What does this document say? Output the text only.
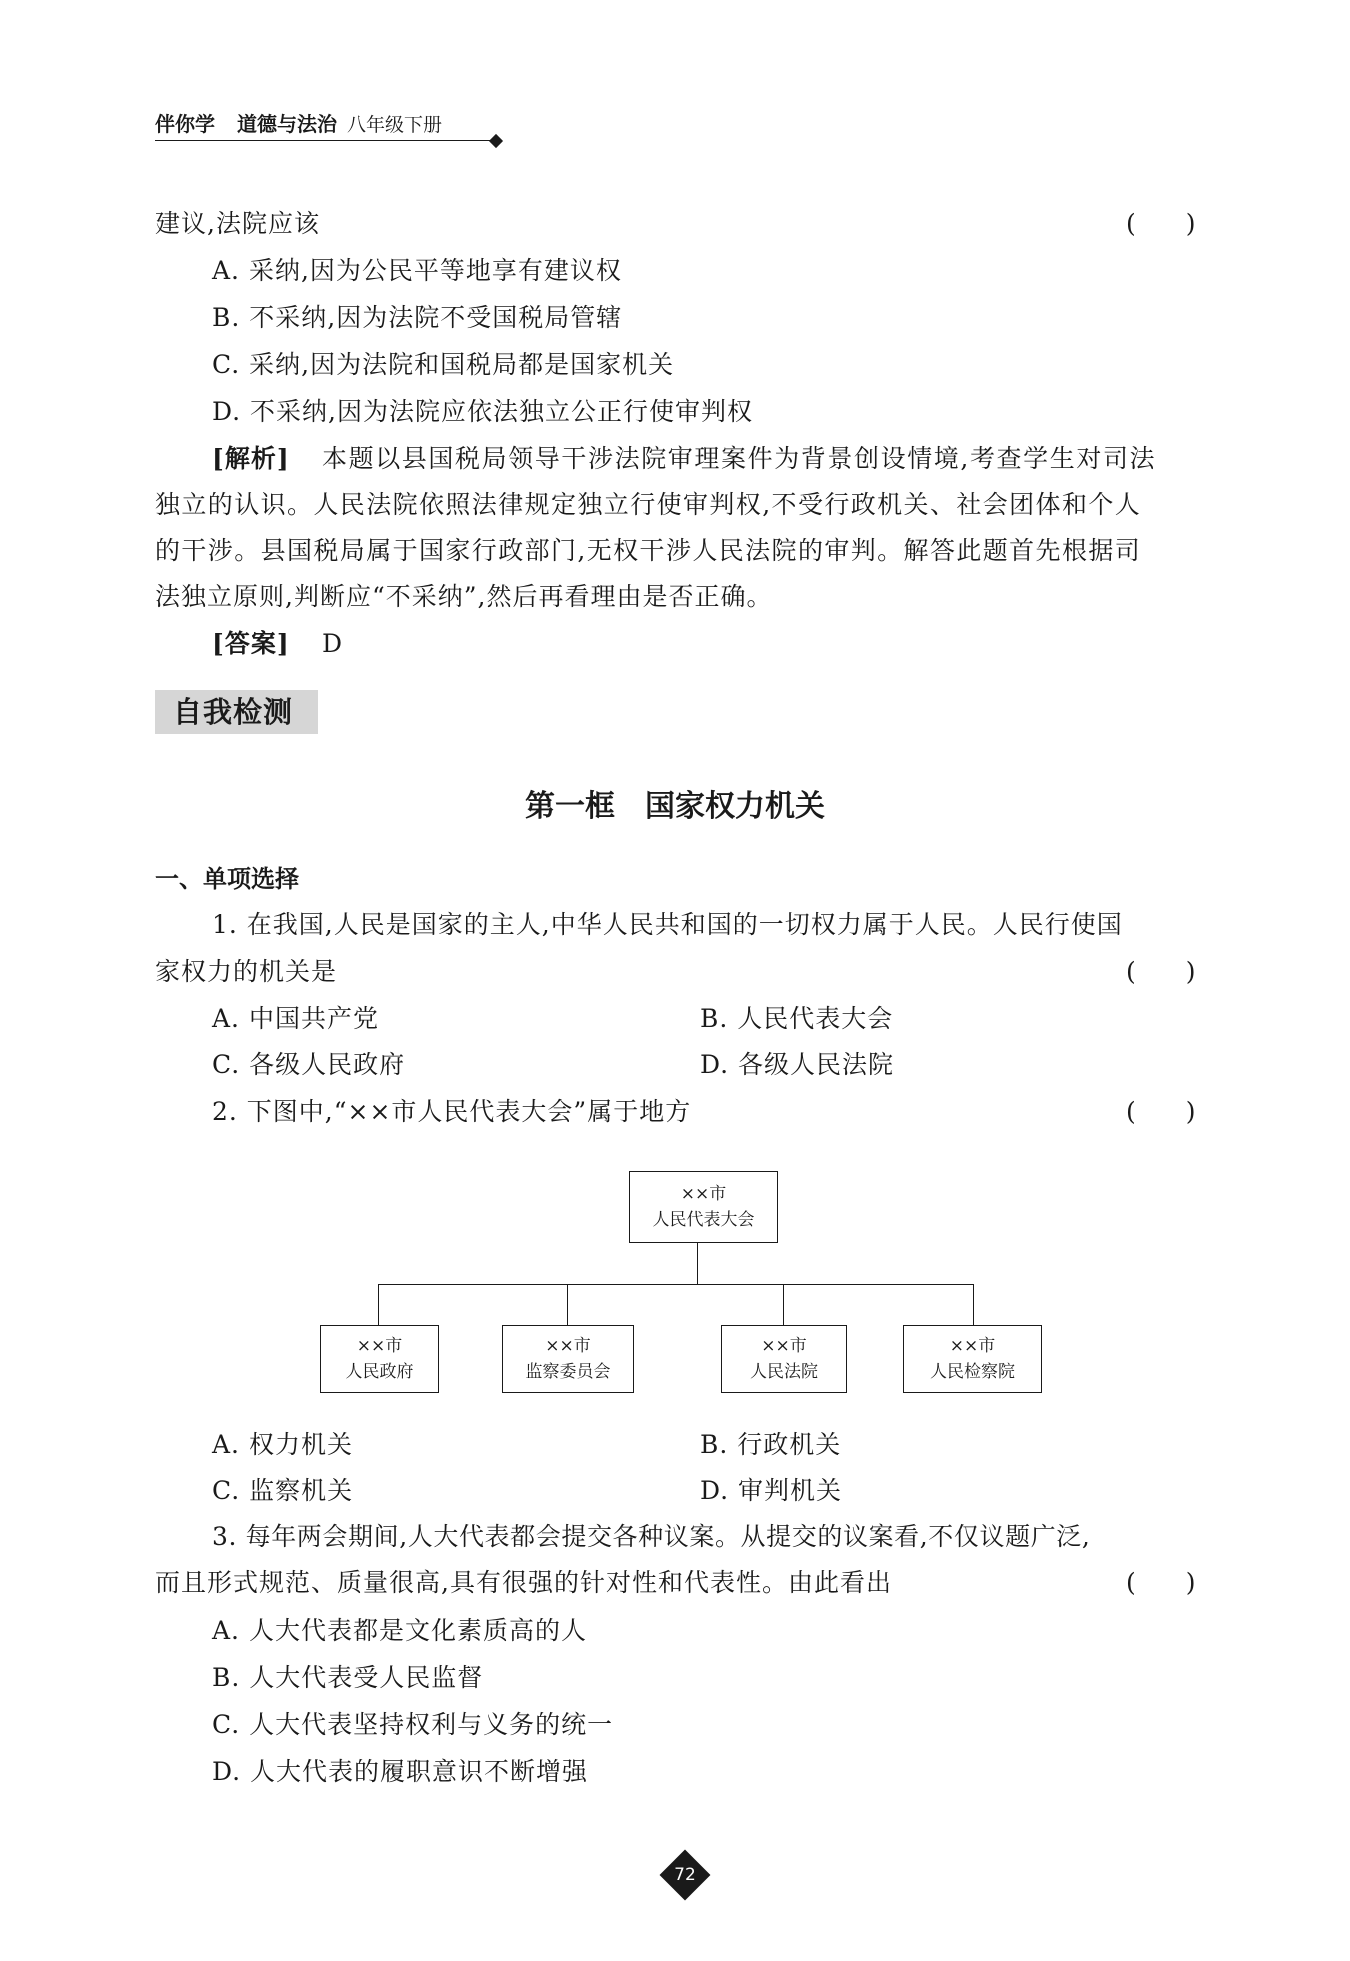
伴你学 道德与法治 八年级下册
建议,法院应该	(　　)
A. 采纳,因为公民平等地享有建议权
B. 不采纳,因为法院不受国税局管辖
C. 采纳,因为法院和国税局都是国家机关
D. 不采纳,因为法院应依法独立公正行使审判权
[解析] 本题以县国税局领导干涉法院审理案件为背景创设情境,考查学生对司法
独立的认识。人民法院依照法律规定独立行使审判权,不受行政机关、社会团体和个人
的干涉。县国税局属于国家行政部门,无权干涉人民法院的审判。解答此题首先根据司
法独立原则,判断应“不采纳”,然后再看理由是否正确。
[答案] D
自我检测
第一框 国家权力机关
一、单项选择
1. 在我国,人民是国家的主人,中华人民共和国的一切权力属于人民。人民行使国
家权力的机关是	(　　)
A. 中国共产党	B. 人民代表大会
C. 各级人民政府	D. 各级人民法院
2. 下图中,“××市人民代表大会”属于地方	(　　)
××市
人民代表大会
××市
人民政府
××市
监察委员会
××市
人民法院
××市
人民检察院
A. 权力机关	B. 行政机关
C. 监察机关	D. 审判机关
3. 每年两会期间,人大代表都会提交各种议案。从提交的议案看,不仅议题广泛,
而且形式规范、质量很高,具有很强的针对性和代表性。由此看出	(　　)
A. 人大代表都是文化素质高的人
B. 人大代表受人民监督
C. 人大代表坚持权利与义务的统一
D. 人大代表的履职意识不断增强
72
